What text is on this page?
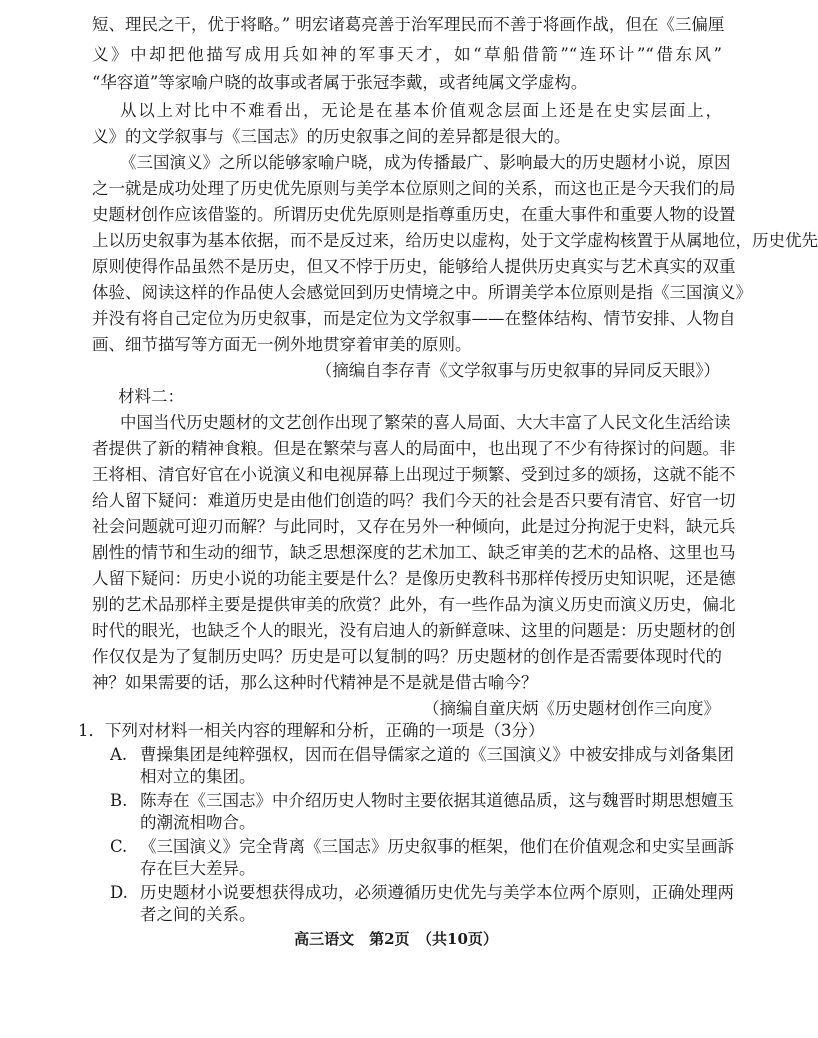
短、理民之干，优于将略。” 明宏诸葛亮善于治军理民而不善于将画作战，但在《三偏厘
义》中却把他描写成用兵如神的军事天才，如“草船借箭”“连环计”“借东风”
“华容道”等家喻户晓的故事或者属于张冠李戴，或者纯属文学虚构。
从以上对比中不难看出，无论是在基本价值观念层面上还是在史实层面上，
义》的文学叙事与《三国志》的历史叙事之间的差异都是很大的。
《三国演义》之所以能够家喻户晓，成为传播最广、影响最大的历史题材小说，原因
之一就是成功处理了历史优先原则与美学本位原则之间的关系，而这也正是今天我们的局
史题材创作应该借鉴的。所谓历史优先原则是指尊重历史，在重大事件和重要人物的设置
上以历史叙事为基本依据，而不是反过来，给历史以虚构，处于文学虚构核置于从属地位，历史优先
原则使得作品虽然不是历史，但又不悖于历史，能够给人提供历史真实与艺术真实的双重
体验、阅读这样的作品使人会感觉回到历史情境之中。所谓美学本位原则是指《三国演义》
并没有将自己定位为历史叙事，而是定位为文学叙事——在整体结构、情节安排、人物自
画、细节描写等方面无一例外地贯穿着审美的原则。
（摘编自李存青《文学叙事与历史叙事的异同反天眼》）
材料二：
中国当代历史题材的文艺创作出现了繁荣的喜人局面、大大丰富了人民文化生活给读
者提供了新的精神食粮。但是在繁荣与喜人的局面中，也出现了不少有待探讨的问题。非
王将相、清官好官在小说演义和电视屏幕上出现过于频繁、受到过多的颂扬，这就不能不
给人留下疑问：难道历史是由他们创造的吗？我们今天的社会是否只要有清官、好官一切
社会问题就可迎刃而解？与此同时，又存在另外一种倾向，此是过分拘泥于史料，缺元兵
剧性的情节和生动的细节，缺乏思想深度的艺术加工、缺乏审美的艺术的品格、这里也马
人留下疑问：历史小说的功能主要是什么？是像历史教科书那样传授历史知识呢，还是德
别的艺术品那样主要是提供审美的欣赏？此外，有一些作品为演义历史而演义历史，偏北
时代的眼光，也缺乏个人的眼光，没有启迪人的新鲜意味、这里的问题是：历史题材的创
作仅仅是为了复制历史吗？历史是可以复制的吗？历史题材的创作是否需要体现时代的
神？如果需要的话，那么这种时代精神是不是就是借古喻今？
（摘编自童庆炳《历史题材创作三向度》
1．下列对材料一相关内容的理解和分析，正确的一项是（3分）
A. 曹操集团是纯粹强权，因而在倡导儒家之道的《三国演义》中被安排成与刘备集团
相对立的集团。
B. 陈寿在《三国志》中介绍历史人物时主要依据其道德品质，这与魏晋时期思想嬗玉
的潮流相吻合。
C. 《三国演义》完全背离《三国志》历史叙事的框架，他们在价值观念和史实呈画訴
存在巨大差异。
D. 历史题材小说要想获得成功，必须遵循历史优先与美学本位两个原则，正确处理两
者之间的关系。
高三语文　第2页　（共10页）
